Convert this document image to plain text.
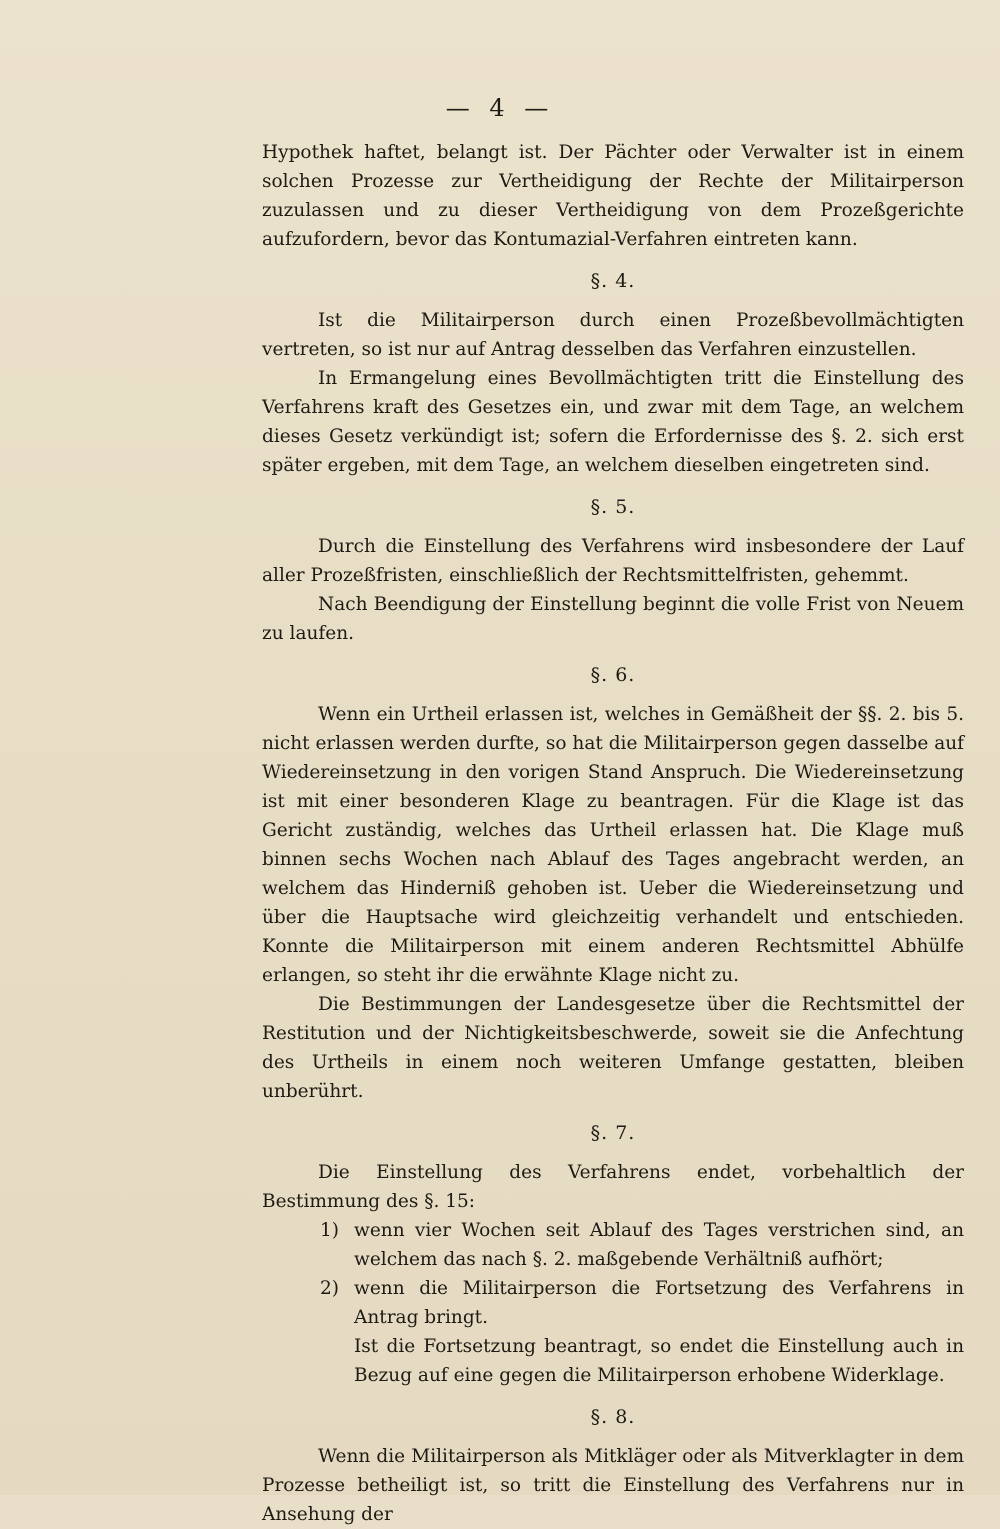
— 4 —

Hypothek haftet, belangt ist. Der Pächter oder Verwalter ist in einem solchen Prozesse zur Vertheidigung der Rechte der Militairperson zuzulassen und zu dieser Vertheidigung von dem Prozeßgerichte aufzufordern, bevor das Kontumazial-Verfahren eintreten kann.

§. 4.

Ist die Militairperson durch einen Prozeßbevollmächtigten vertreten, so ist nur auf Antrag desselben das Verfahren einzustellen.

In Ermangelung eines Bevollmächtigten tritt die Einstellung des Verfahrens kraft des Gesetzes ein, und zwar mit dem Tage, an welchem dieses Gesetz verkündigt ist; sofern die Erfordernisse des §. 2. sich erst später ergeben, mit dem Tage, an welchem dieselben eingetreten sind.

§. 5.

Durch die Einstellung des Verfahrens wird insbesondere der Lauf aller Prozeßfristen, einschließlich der Rechtsmittelfristen, gehemmt.

Nach Beendigung der Einstellung beginnt die volle Frist von Neuem zu laufen.

§. 6.

Wenn ein Urtheil erlassen ist, welches in Gemäßheit der §§. 2. bis 5. nicht erlassen werden durfte, so hat die Militairperson gegen dasselbe auf Wiedereinsetzung in den vorigen Stand Anspruch. Die Wiedereinsetzung ist mit einer besonderen Klage zu beantragen. Für die Klage ist das Gericht zuständig, welches das Urtheil erlassen hat. Die Klage muß binnen sechs Wochen nach Ablauf des Tages angebracht werden, an welchem das Hinderniß gehoben ist. Ueber die Wiedereinsetzung und über die Hauptsache wird gleichzeitig verhandelt und entschieden. Konnte die Militairperson mit einem anderen Rechtsmittel Abhülfe erlangen, so steht ihr die erwähnte Klage nicht zu.

Die Bestimmungen der Landesgesetze über die Rechtsmittel der Restitution und der Nichtigkeitsbeschwerde, soweit sie die Anfechtung des Urtheils in einem noch weiteren Umfange gestatten, bleiben unberührt.

§. 7.

Die Einstellung des Verfahrens endet, vorbehaltlich der Bestimmung des §. 15:

1) wenn vier Wochen seit Ablauf des Tages verstrichen sind, an welchem das nach §. 2. maßgebende Verhältniß aufhört;

2) wenn die Militairperson die Fortsetzung des Verfahrens in Antrag bringt.

Ist die Fortsetzung beantragt, so endet die Einstellung auch in Bezug auf eine gegen die Militairperson erhobene Widerklage.

§. 8.

Wenn die Militairperson als Mitkläger oder als Mitverklagter in dem Prozesse betheiligt ist, so tritt die Einstellung des Verfahrens nur in Ansehung der
